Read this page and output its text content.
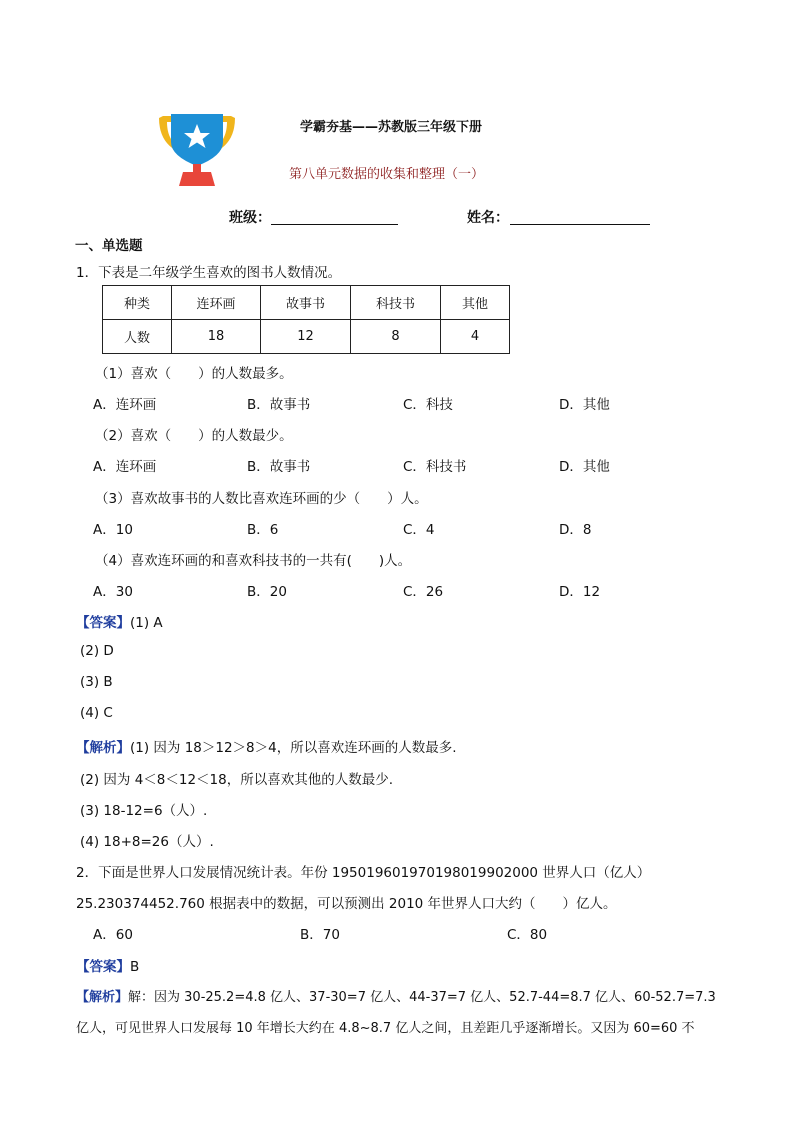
学霸夯基——苏教版三年级下册
第八单元数据的收集和整理（一）
班级：	姓名：
一、单选题
1．下表是二年级学生喜欢的图书人数情况。
种类	连环画	故事书	科技书	其他
人数	18	12	8	4
（1）喜欢（　　）的人数最多。
A．连环画	B．故事书	C．科技	D．其他
（2）喜欢（　　）的人数最少。
A．连环画	B．故事书	C．科技书	D．其他
（3）喜欢故事书的人数比喜欢连环画的少（　　）人。
A．10	B．6	C．4	D．8
（4）喜欢连环画的和喜欢科技书的一共有(　　)人。
A．30	B．20	C．26	D．12
【答案】(1) A
(2) D
(3) B
(4) C
【解析】(1) 因为 18＞12＞8＞4，所以喜欢连环画的人数最多.
(2) 因为 4＜8＜12＜18，所以喜欢其他的人数最少.
(3) 18-12=6（人）.
(4) 18+8=26（人）.
2．下面是世界人口发展情况统计表。年份 19501960197019801990​2000 世界人口（亿人）
25.230374452.760 根据表中的数据，可以预测出 2010 年世界人口大约（　　）亿人。
A．60	B．70	C．80
【答案】B
【解析】解：因为 30-25.2=4.8 亿人、37-30=7 亿人、44-37=7 亿人、52.7-44=8.7 亿人、60-52.7=7.3
亿人，可见世界人口发展每 10 年增长大约在 4.8~8.7 亿人之间，且差距几乎逐渐增长。又因为 60=60 不
